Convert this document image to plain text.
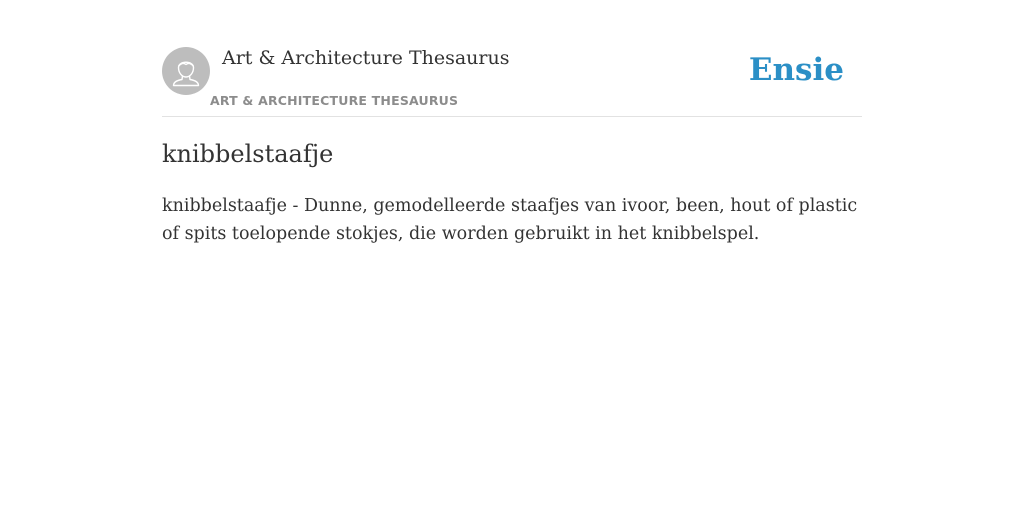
Art & Architecture Thesaurus
ART & ARCHITECTURE THESAURUS
Ensie
knibbelstaafje

knibbelstaafje - Dunne, gemodelleerde staafjes van ivoor, been, hout of plastic of spits toelopende stokjes, die worden gebruikt in het knibbelspel.
